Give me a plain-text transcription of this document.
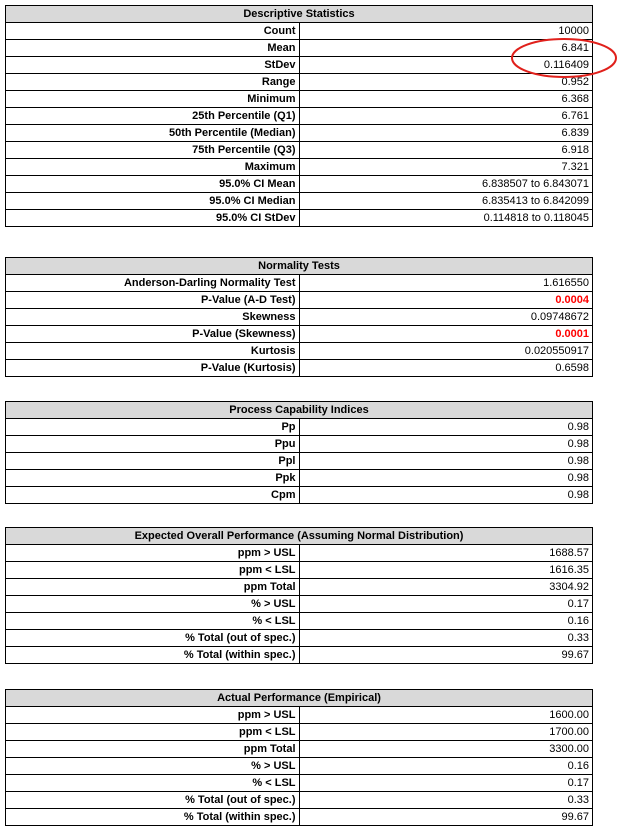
Descriptive Statistics	
Count	10000
Mean	6.841
StDev	0.116409
Range	0.952
Minimum	6.368
25th Percentile (Q1)	6.761
50th Percentile (Median)	6.839
75th Percentile (Q3)	6.918
Maximum	7.321
95.0% CI Mean	6.838507 to 6.843071
95.0% CI Median	6.835413 to 6.842099
95.0% CI StDev	0.114818 to 0.118045
Normality Tests	
Anderson-Darling Normality Test	1.616550
P-Value (A-D Test)	0.0004
Skewness	0.09748672
P-Value (Skewness)	0.0001
Kurtosis	0.020550917
P-Value (Kurtosis)	0.6598
Process Capability Indices	
Pp	0.98
Ppu	0.98
Ppl	0.98
Ppk	0.98
Cpm	0.98
Expected Overall Performance (Assuming Normal Distribution)	
ppm > USL	1688.57
ppm < LSL	1616.35
ppm Total	3304.92
% > USL	0.17
% < LSL	0.16
% Total (out of spec.)	0.33
% Total (within spec.)	99.67
Actual Performance (Empirical)	
ppm > USL	1600.00
ppm < LSL	1700.00
ppm Total	3300.00
% > USL	0.16
% < LSL	0.17
% Total (out of spec.)	0.33
% Total (within spec.)	99.67
